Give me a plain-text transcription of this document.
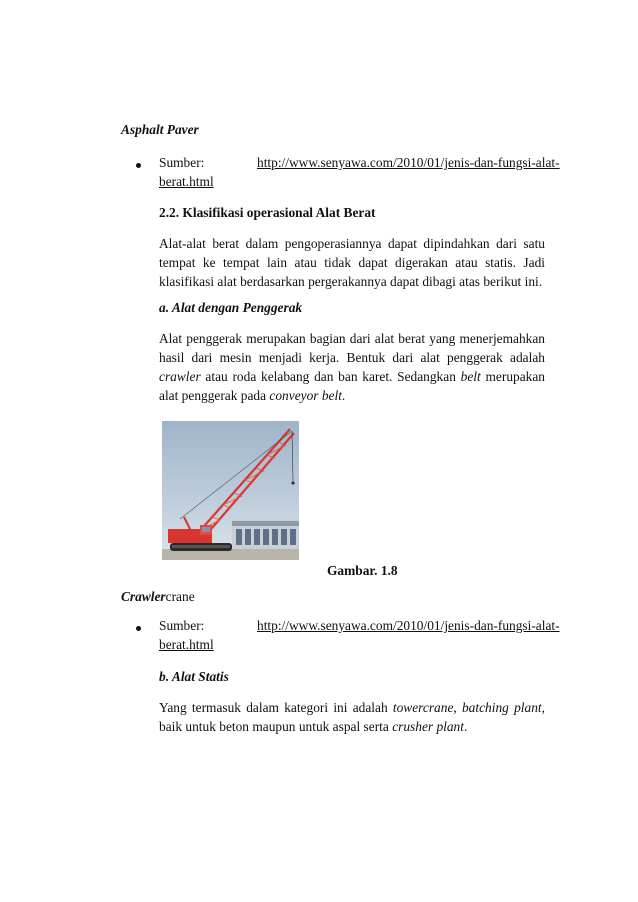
Asphalt Paver
Sumber:	http://www.senyawa.com/2010/01/jenis-dan-fungsi-alat-
berat.html
2.2. Klasifikasi operasional Alat Berat

Alat-alat berat dalam pengoperasiannya dapat dipindahkan dari satu tempat ke tempat lain atau tidak dapat digerakan atau statis. Jadi klasifikasi alat berdasarkan pergerakannya dapat dibagi atas berikut ini.

a. Alat dengan Penggerak

Alat penggerak merupakan bagian dari alat berat yang menerjemahkan hasil dari mesin menjadi kerja. Bentuk dari alat penggerak adalah crawler atau roda kelabang dan ban karet. Sedangkan belt merupakan alat penggerak pada conveyor belt.

Gambar. 1.8
Crawlercrane
Sumber:	http://www.senyawa.com/2010/01/jenis-dan-fungsi-alat-
berat.html
b. Alat Statis

Yang termasuk dalam kategori ini adalah towercrane, batching plant, baik untuk beton maupun untuk aspal serta crusher plant.
